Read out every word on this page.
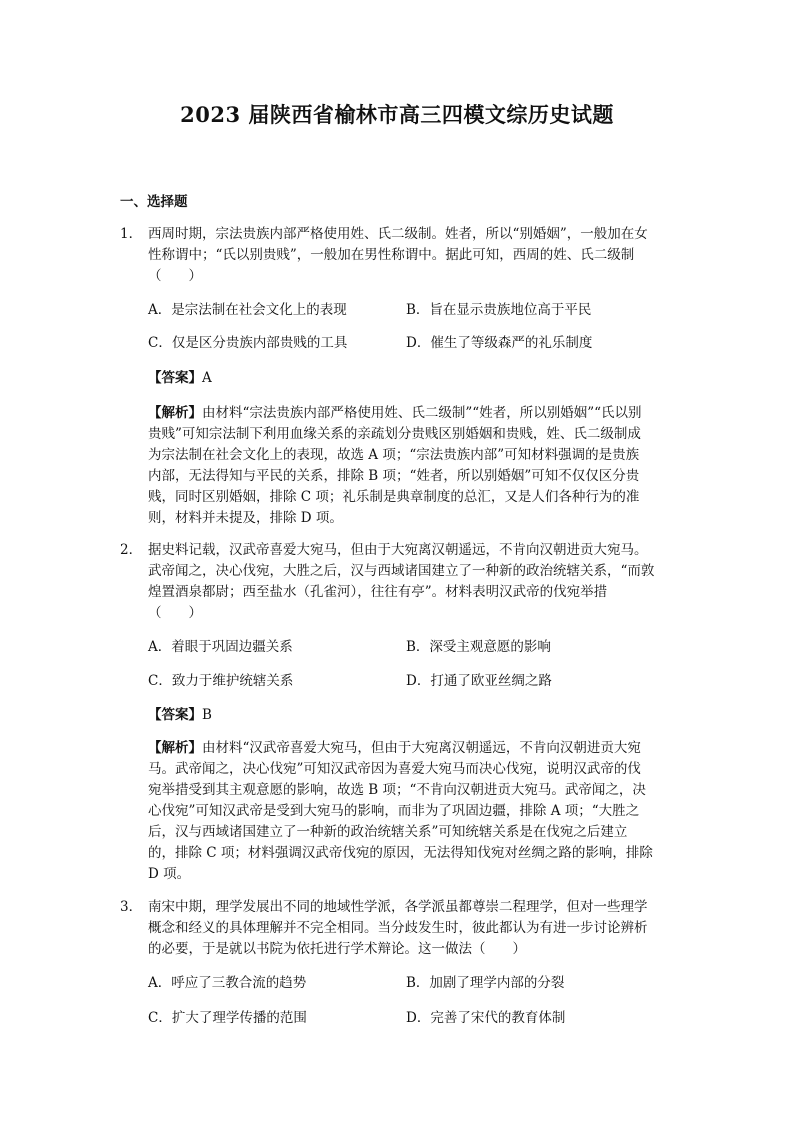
2023 届陕西省榆林市高三四模文综历史试题
一、选择题
1． 西周时期，宗法贵族内部严格使用姓、氏二级制。姓者，所以“别婚姻”，一般加在女
性称谓中；“氏以别贵贱”，一般加在男性称谓中。据此可知，西周的姓、氏二级制
（　　）
A．是宗法制在社会文化上的表现	B．旨在显示贵族地位高于平民
C．仅是区分贵族内部贵贱的工具	D．催生了等级森严的礼乐制度
【答案】A
【解析】由材料“宗法贵族内部严格使用姓、氏二级制”“姓者，所以别婚姻”“氏以别
贵贱”可知宗法制下利用血缘关系的亲疏划分贵贱区别婚姻和贵贱，姓、氏二级制成
为宗法制在社会文化上的表现，故选 A 项；“宗法贵族内部”可知材料强调的是贵族
内部，无法得知与平民的关系，排除 B 项；“姓者，所以别婚姻”可知不仅仅区分贵
贱，同时区别婚姻，排除 C 项；礼乐制是典章制度的总汇，又是人们各种行为的准
则，材料并未提及，排除 D 项。
2． 据史料记载，汉武帝喜爱大宛马，但由于大宛离汉朝遥远，不肯向汉朝进贡大宛马。
武帝闻之，决心伐宛，大胜之后，汉与西域诸国建立了一种新的政治统辖关系，“而敦
煌置酒泉都尉；西至盐水（孔雀河），往往有亭”。材料表明汉武帝的伐宛举措
（　　）
A．着眼于巩固边疆关系	B．深受主观意愿的影响
C．致力于维护统辖关系	D．打通了欧亚丝绸之路
【答案】B
【解析】由材料“汉武帝喜爱大宛马，但由于大宛离汉朝遥远，不肯向汉朝进贡大宛
马。武帝闻之，决心伐宛”可知汉武帝因为喜爱大宛马而决心伐宛，说明汉武帝的伐
宛举措受到其主观意愿的影响，故选 B 项；“不肯向汉朝进贡大宛马。武帝闻之，决
心伐宛”可知汉武帝是受到大宛马的影响，而非为了巩固边疆，排除 A 项；“大胜之
后，汉与西域诸国建立了一种新的政治统辖关系”可知统辖关系是在伐宛之后建立
的，排除 C 项；材料强调汉武帝伐宛的原因，无法得知伐宛对丝绸之路的影响，排除
D 项。
3． 南宋中期，理学发展出不同的地域性学派，各学派虽都尊崇二程理学，但对一些理学
概念和经义的具体理解并不完全相同。当分歧发生时，彼此都认为有进一步讨论辨析
的必要，于是就以书院为依托进行学术辩论。这一做法（　　）
A．呼应了三教合流的趋势	B．加剧了理学内部的分裂
C．扩大了理学传播的范围	D．完善了宋代的教育体制
